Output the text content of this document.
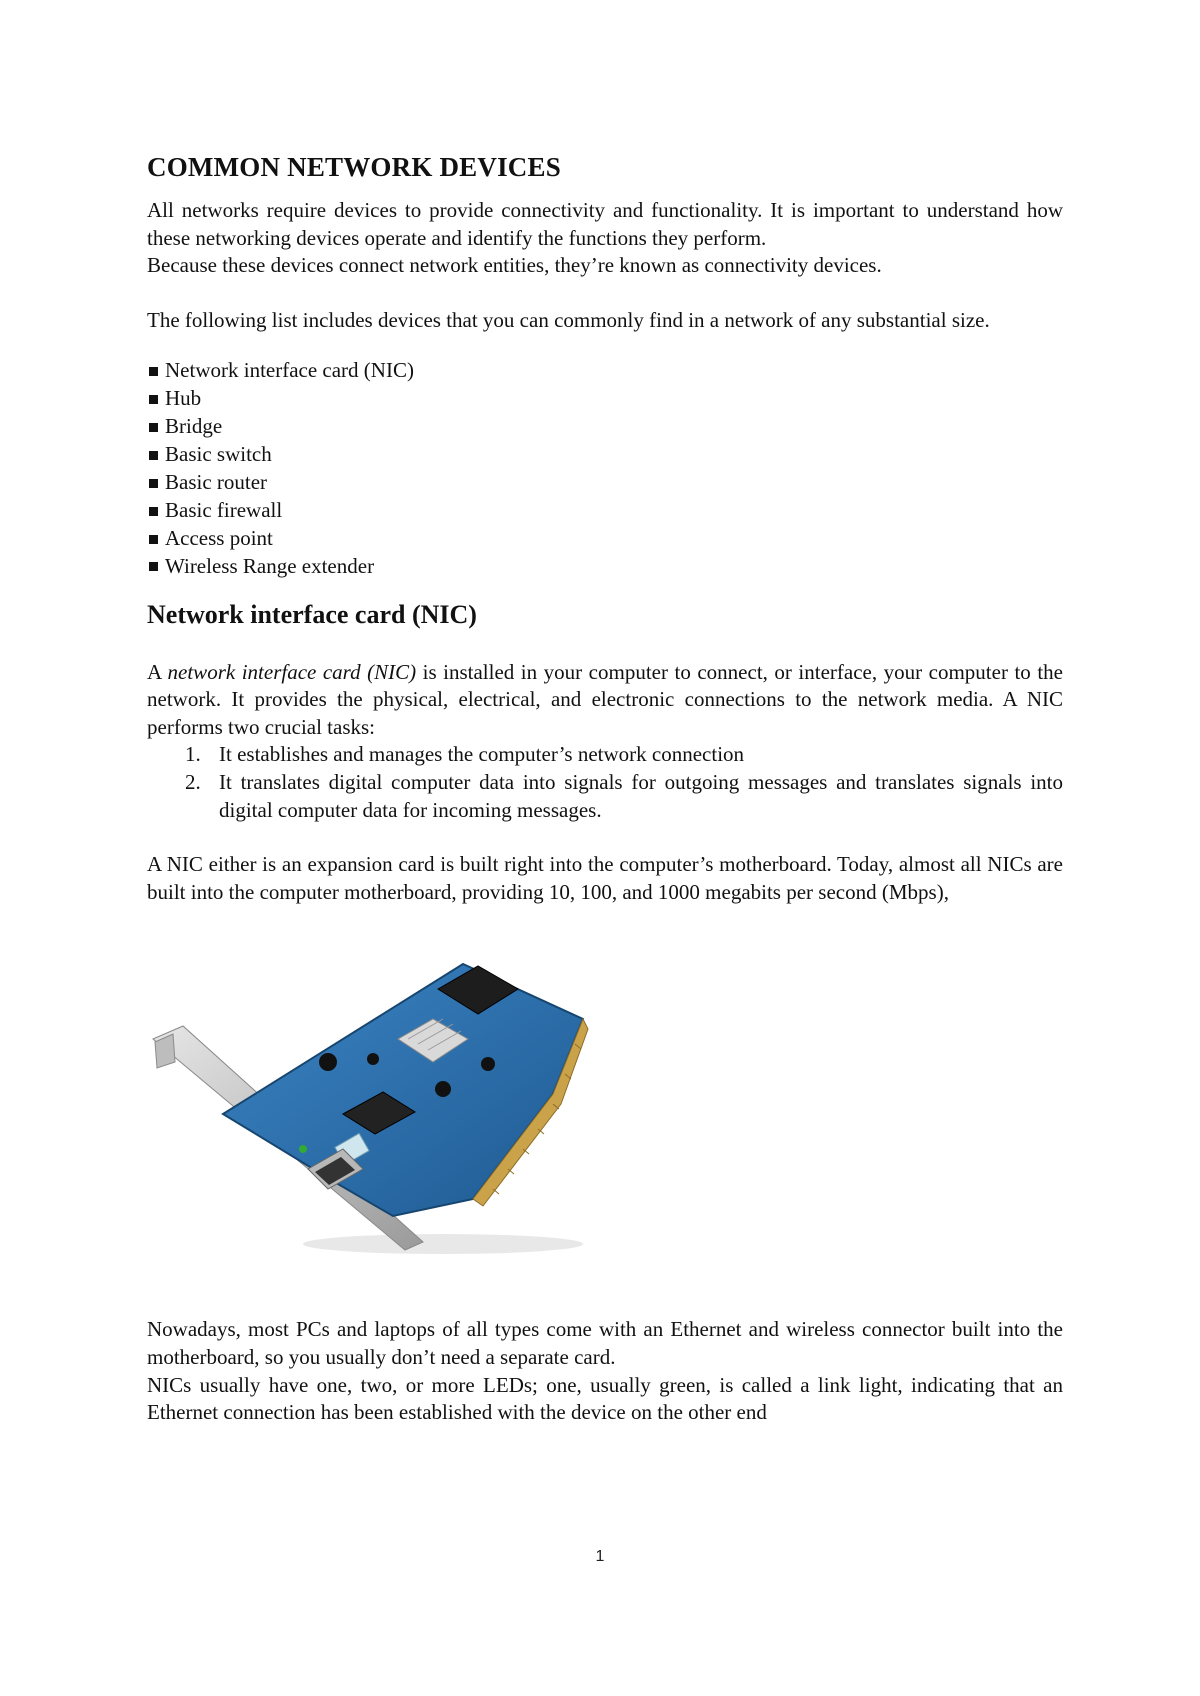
COMMON NETWORK DEVICES

All networks require devices to provide connectivity and functionality. It is important to understand how these networking devices operate and identify the functions they perform.

Because these devices connect network entities, they’re known as connectivity devices.

The following list includes devices that you can commonly find in a network of any substantial size.

Network interface card (NIC)
Hub
Bridge
Basic switch
Basic router
Basic firewall
Access point
Wireless Range extender
Network interface card (NIC)

A network interface card (NIC) is installed in your computer to connect, or interface, your computer to the network. It provides the physical, electrical, and electronic connections to the network media. A NIC performs two crucial tasks:

1. It establishes and manages the computer’s network connection
2. It translates digital computer data into signals for outgoing messages and translates signals into digital computer data for incoming messages.

A NIC either is an expansion card is built right into the computer’s motherboard. Today, almost all NICs are built into the computer motherboard, providing 10, 100, and 1000 megabits per second (Mbps),

Nowadays, most PCs and laptops of all types come with an Ethernet and wireless connector built into the motherboard, so you usually don’t need a separate card.

NICs usually have one, two, or more LEDs; one, usually green, is called a link light, indicating that an Ethernet connection has been established with the device on the other end

1
